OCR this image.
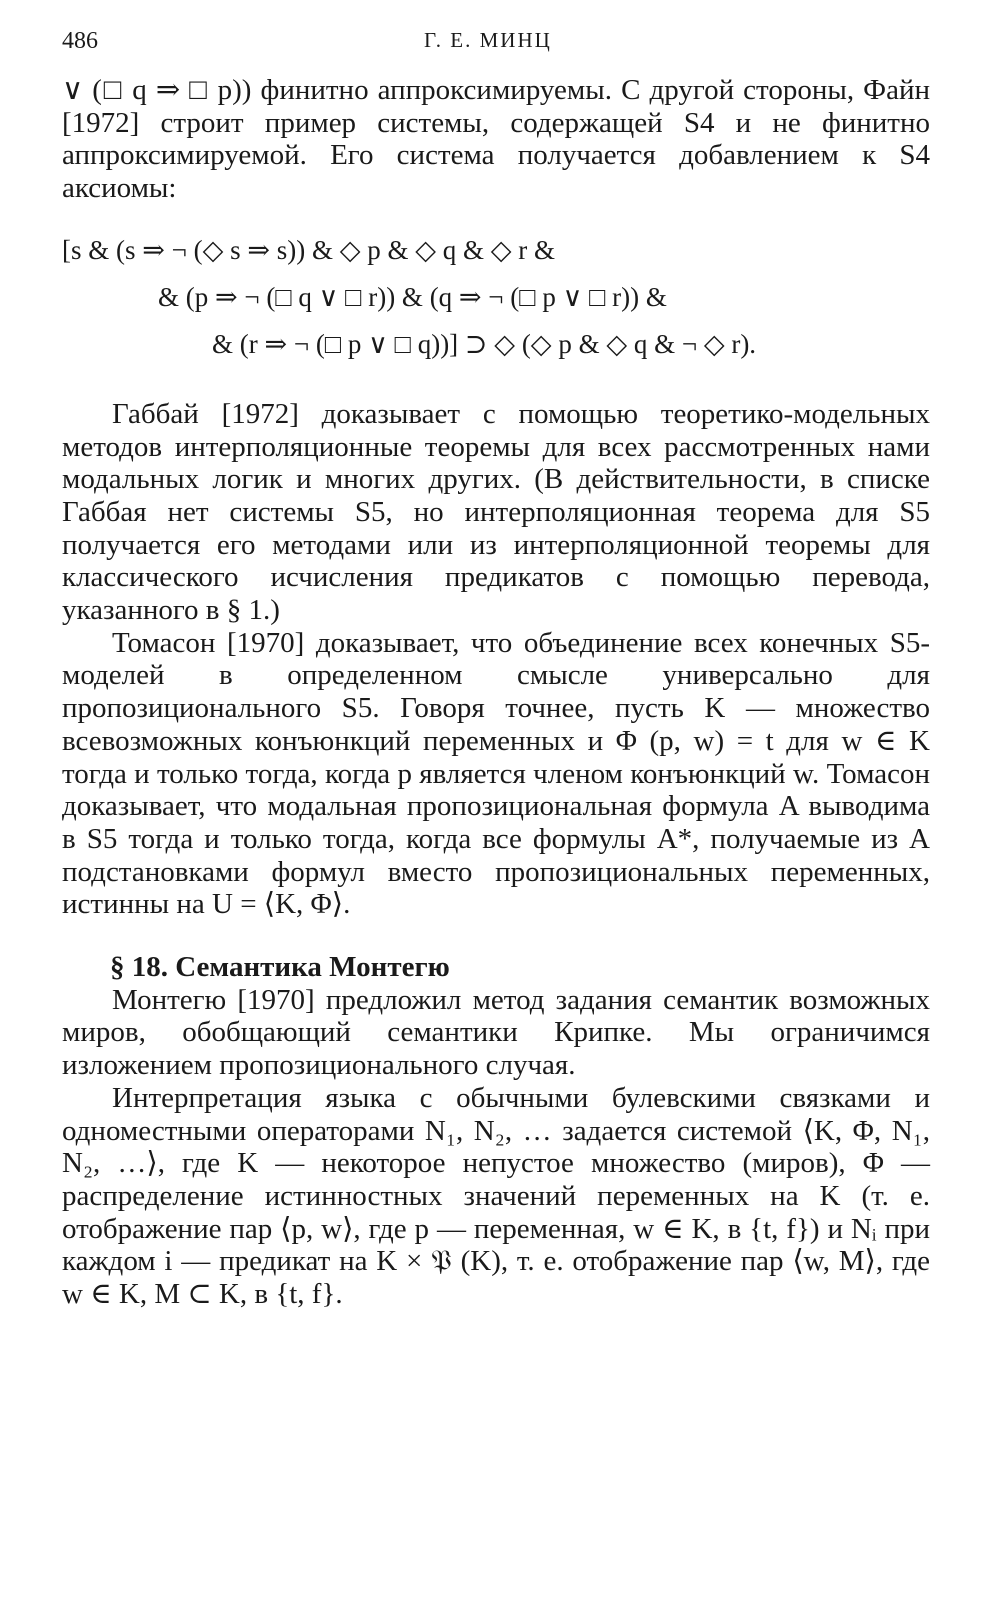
486	Г. Е. МИНЦ

∨ (□ q ⇒ □ p)) финитно аппроксимируемы. С другой стороны, Файн [1972] строит пример системы, содержащей S4 и не финитно аппроксимируемой. Его система получается добавлением к S4 аксиомы:

[s & (s ⇒ ¬ (◇ s ⇒ s)) & ◇ p & ◇ q & ◇ r &
& (p ⇒ ¬ (□ q ∨ □ r)) & (q ⇒ ¬ (□ p ∨ □ r)) &
& (r ⇒ ¬ (□ p ∨ □ q))] ⊃ ◇ (◇ p & ◇ q & ¬ ◇ r).

Габбай [1972] доказывает с помощью теоретико-модельных методов интерполяционные теоремы для всех рассмотренных нами модальных логик и многих других. (В действительности, в списке Габбая нет системы S5, но интерполяционная теорема для S5 получается его методами или из интерполяционной теоремы для классического исчисления предикатов с помощью перевода, указанного в § 1.)

Томасон [1970] доказывает, что объединение всех конечных S5-моделей в определенном смысле универсально для пропозиционального S5. Говоря точнее, пусть K — множество всевозможных конъюнкций переменных и Φ (p, w) = t для w ∈ K тогда и только тогда, когда p является членом конъюнкций w. Томасон доказывает, что модальная пропозициональная формула A выводима в S5 тогда и только тогда, когда все формулы A*, получаемые из A подстановками формул вместо пропозициональных переменных, истинны на U = ⟨K, Φ⟩.

§ 18. Семантика Монтегю

Монтегю [1970] предложил метод задания семантик возможных миров, обобщающий семантики Крипке. Мы ограничимся изложением пропозиционального случая.

Интерпретация языка с обычными булевскими связками и одноместными операторами N₁, N₂, … задается системой ⟨K, Φ, N₁, N₂, …⟩, где K — некоторое непустое множество (миров), Φ — распределение истинностных значений переменных на K (т. е. отображение пар ⟨p, w⟩, где p — переменная, w ∈ K, в {t, f}) и Nᵢ при каждом i — предикат на K × 𝔓 (K), т. е. отображение пар ⟨w, M⟩, где w ∈ K, M ⊂ K, в {t, f}.
